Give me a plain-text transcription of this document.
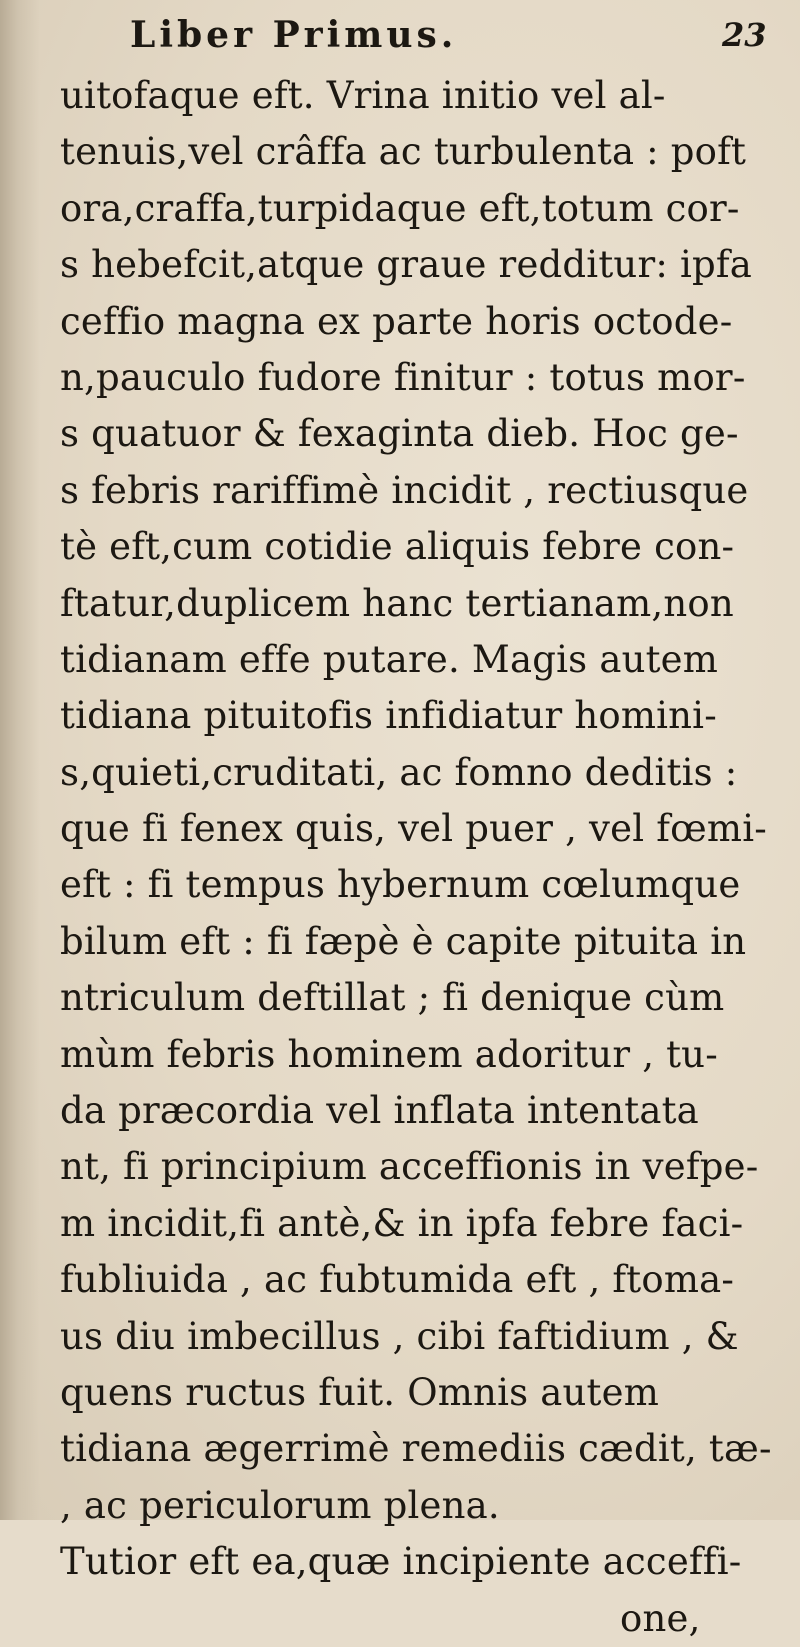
Liber Primus.	23
uitofaque eft. Vrina initio vel al-
tenuis,vel crâffa ac turbulenta : poft
ora,craffa,turpidaque eft,totum cor-
s hebefcit,atque graue redditur: ipfa
ceffio magna ex parte horis octode-
n,pauculo fudore finitur : totus mor-
s quatuor & fexaginta dieb. Hoc ge-
s febris rariffimè incidit , rectiusque
tè eft,cum cotidie aliquis febre con-
ftatur,duplicem hanc tertianam,non
tidianam effe putare. Magis autem
tidiana pituitofis infidiatur homini-
s,quieti,cruditati, ac fomno deditis :
que fi fenex quis, vel puer , vel fœmi-
eft : fi tempus hybernum cœlumque
bilum eft : fi fæpè è capite pituita in
ntriculum deftillat ; fi denique cùm
mùm febris hominem adoritur , tu-
da præcordia vel inflata intentata
nt, fi principium acceffionis in vefpe-
m incidit,fi antè,& in ipfa febre faci-
fubliuida , ac fubtumida eft , ftoma-
us diu imbecillus , cibi faftidium , &
quens ructus fuit. Omnis autem
tidiana ægerrimè remediis cædit, tæ-
, ac periculorum plena.
Tutior eft ea,quæ incipiente acceffi-
one,
